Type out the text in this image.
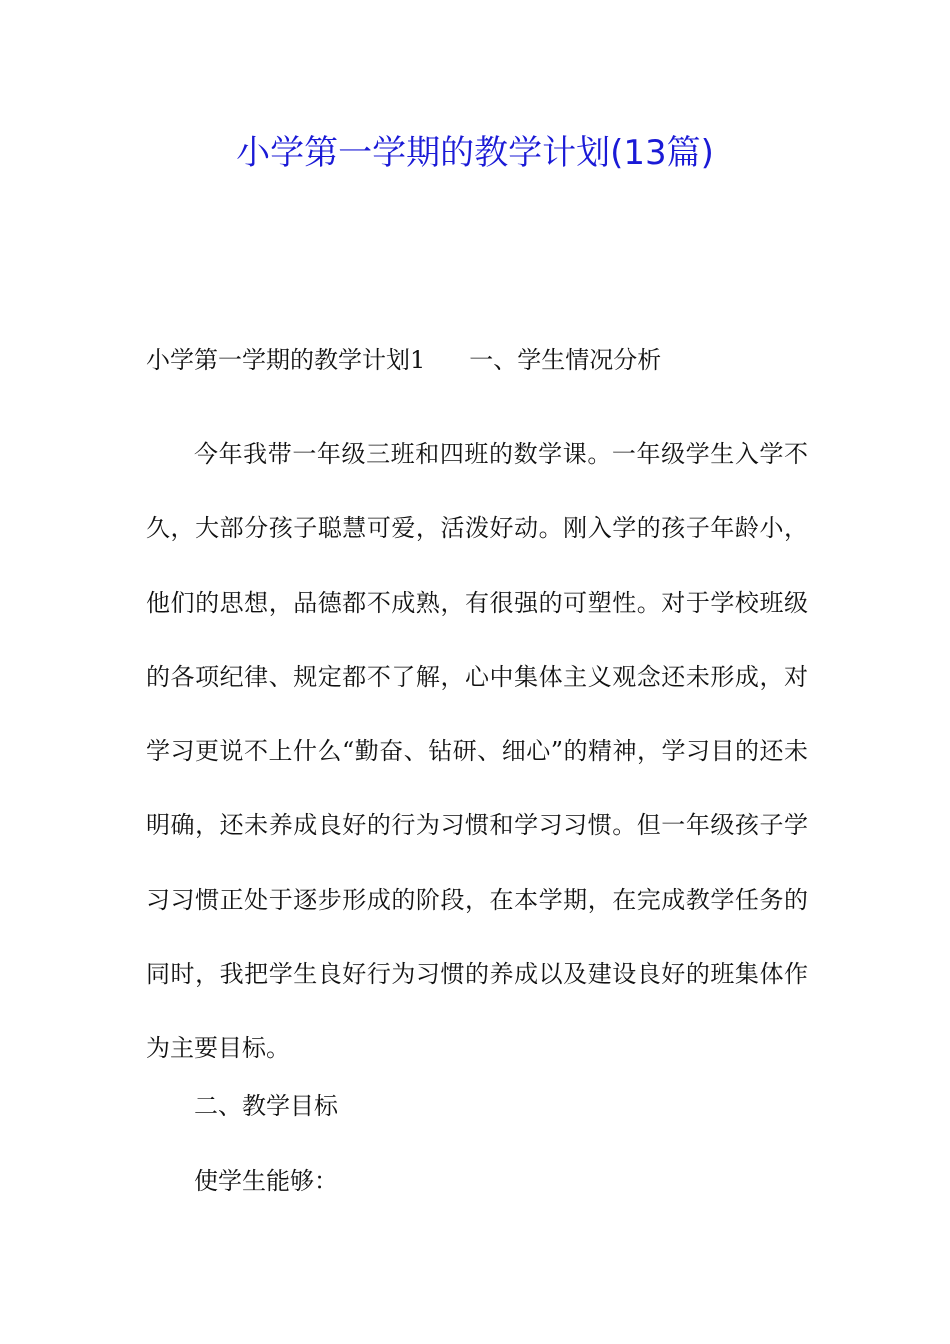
小学第一学期的教学计划(13篇)
小学第一学期的教学计划1 一、学生情况分析
今年我带一年级三班和四班的数学课。一年级学生入学不久，大部分孩子聪慧可爱，活泼好动。刚入学的孩子年龄小，他们的思想，品德都不成熟，有很强的可塑性。对于学校班级的各项纪律、规定都不了解，心中集体主义观念还未形成，对学习更说不上什么“勤奋、钻研、细心”的精神，学习目的还未明确，还未养成良好的行为习惯和学习习惯。但一年级孩子学习习惯正处于逐步形成的阶段，在本学期，在完成教学任务的同时，我把学生良好行为习惯的养成以及建设良好的班集体作为主要目标。
二、教学目标
使学生能够：
